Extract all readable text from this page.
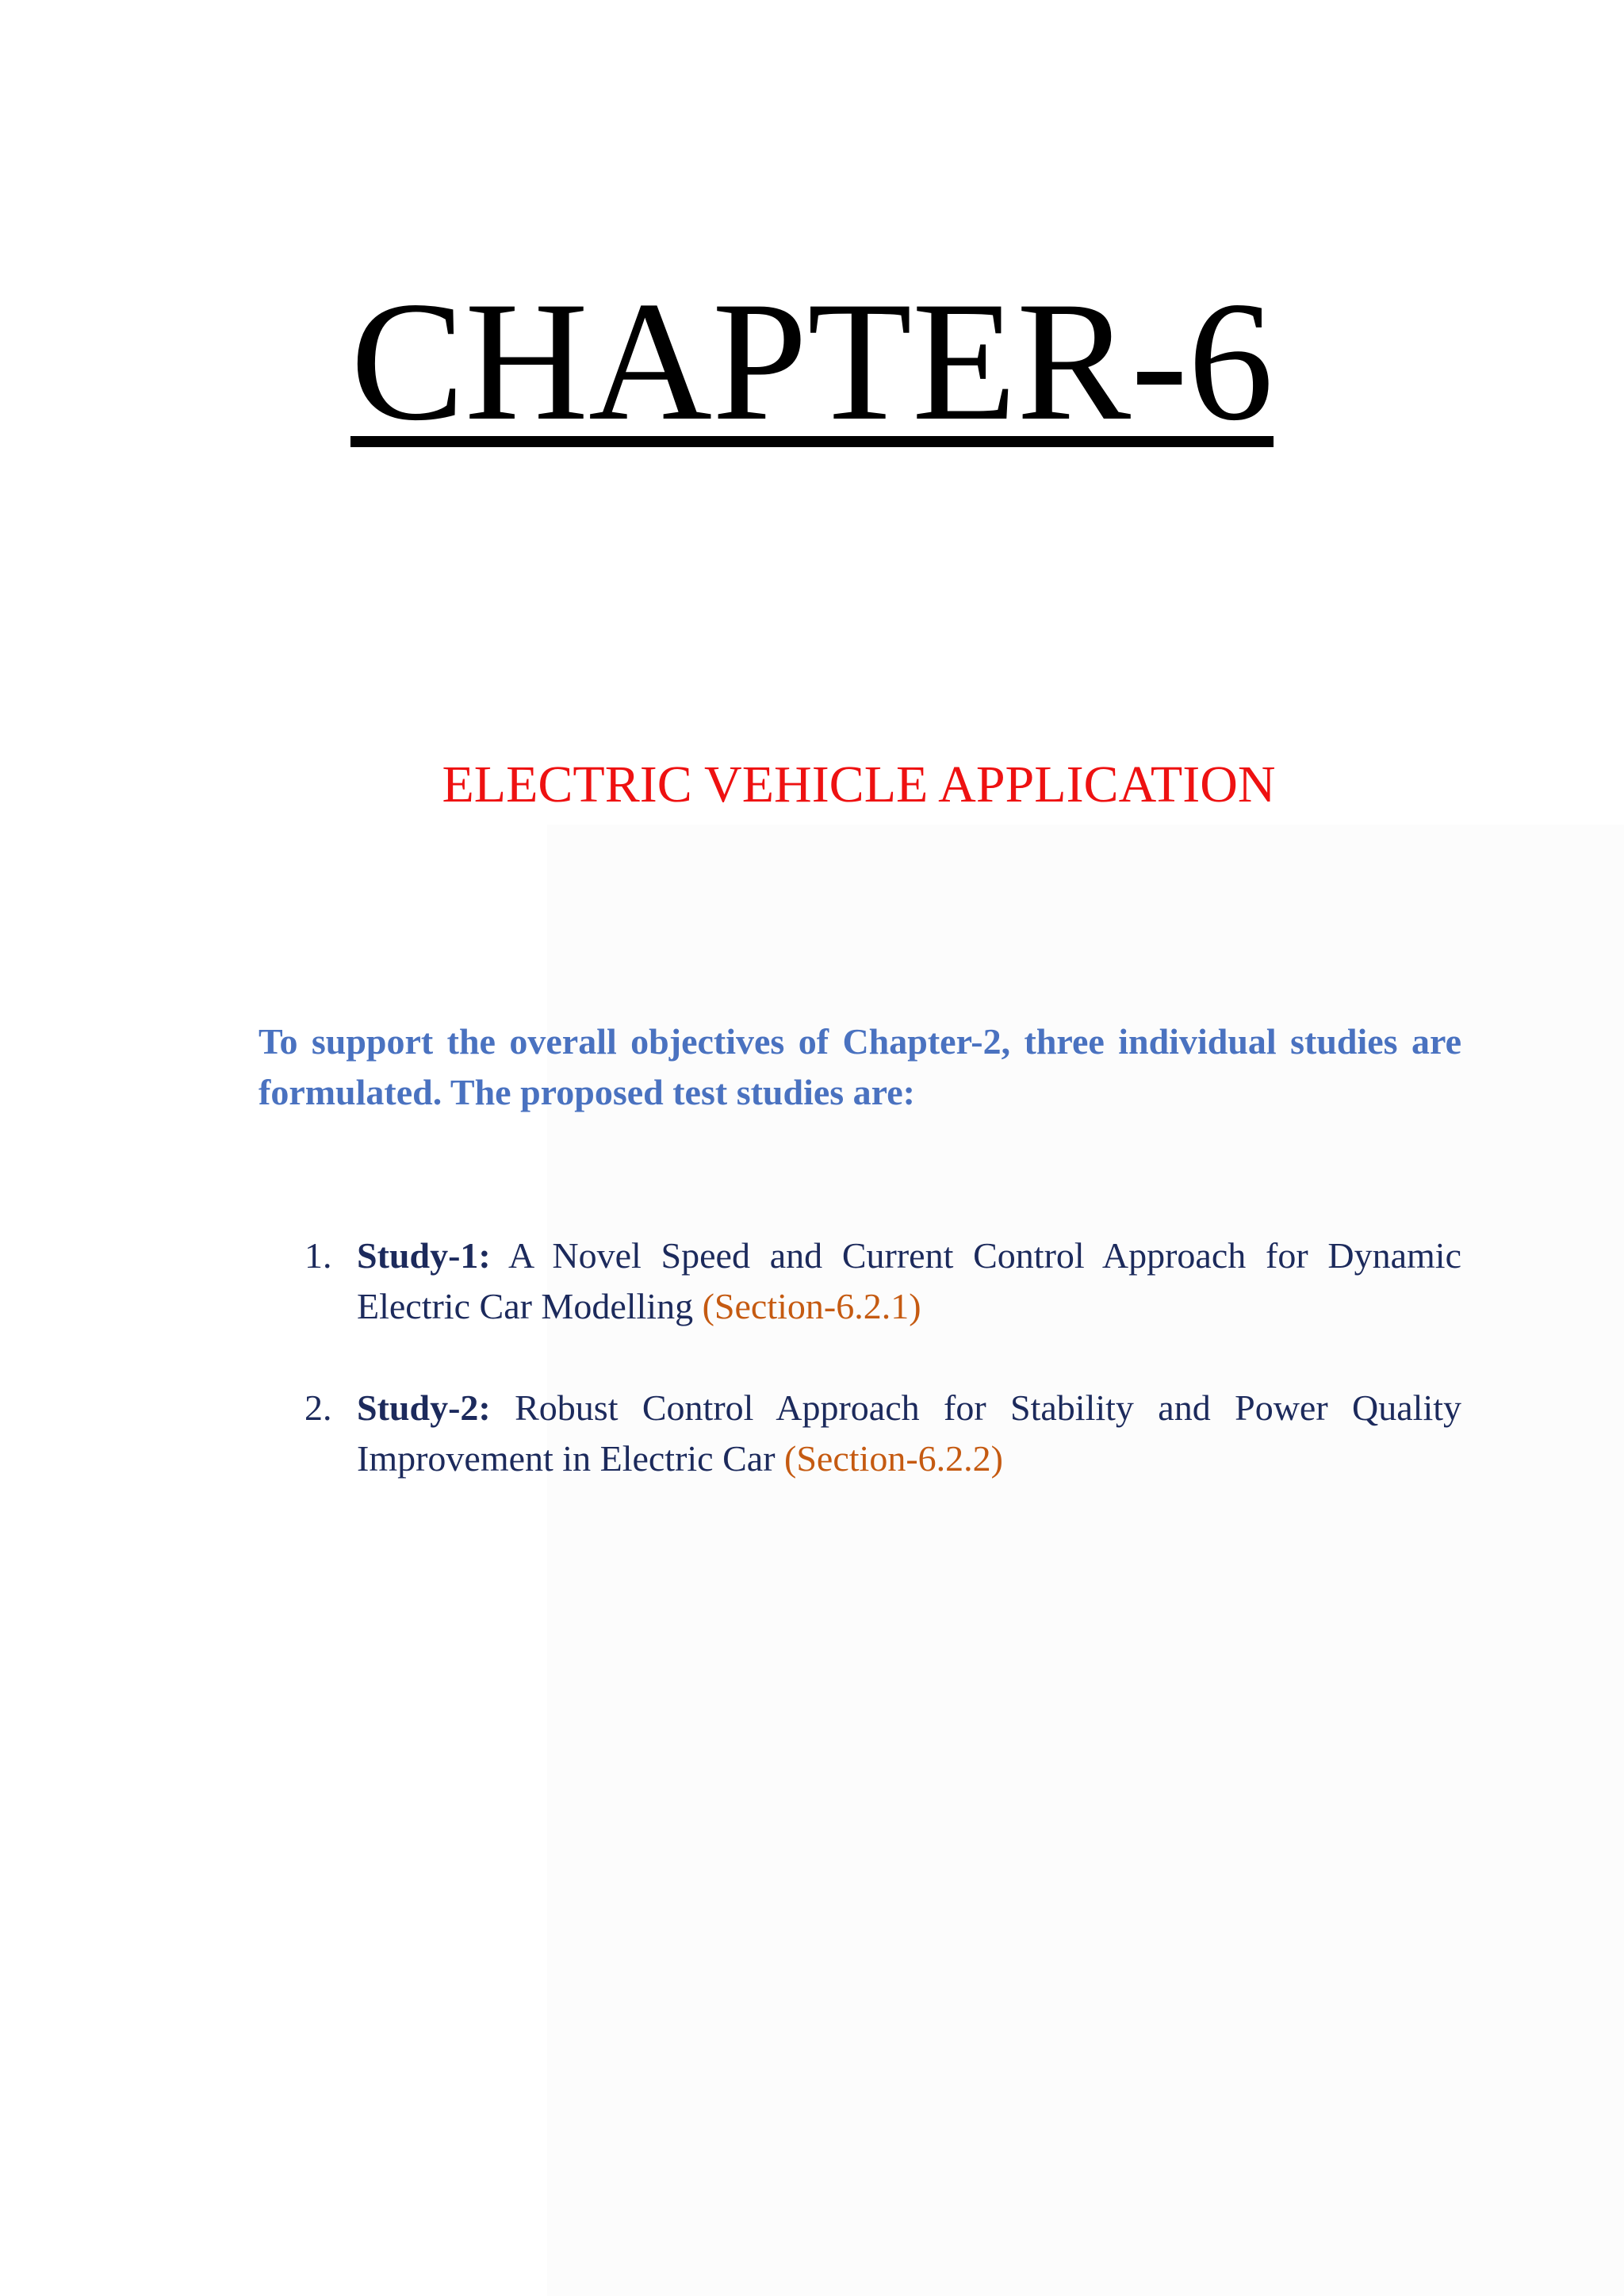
CHAPTER-6
ELECTRIC VEHICLE APPLICATION
To support the overall objectives of Chapter-2, three individual studies are formulated. The proposed test studies are:
1. Study-1: A Novel Speed and Current Control Approach for Dynamic Electric Car Modelling (Section-6.2.1)
2. Study-2: Robust Control Approach for Stability and Power Quality Improvement in Electric Car (Section-6.2.2)
